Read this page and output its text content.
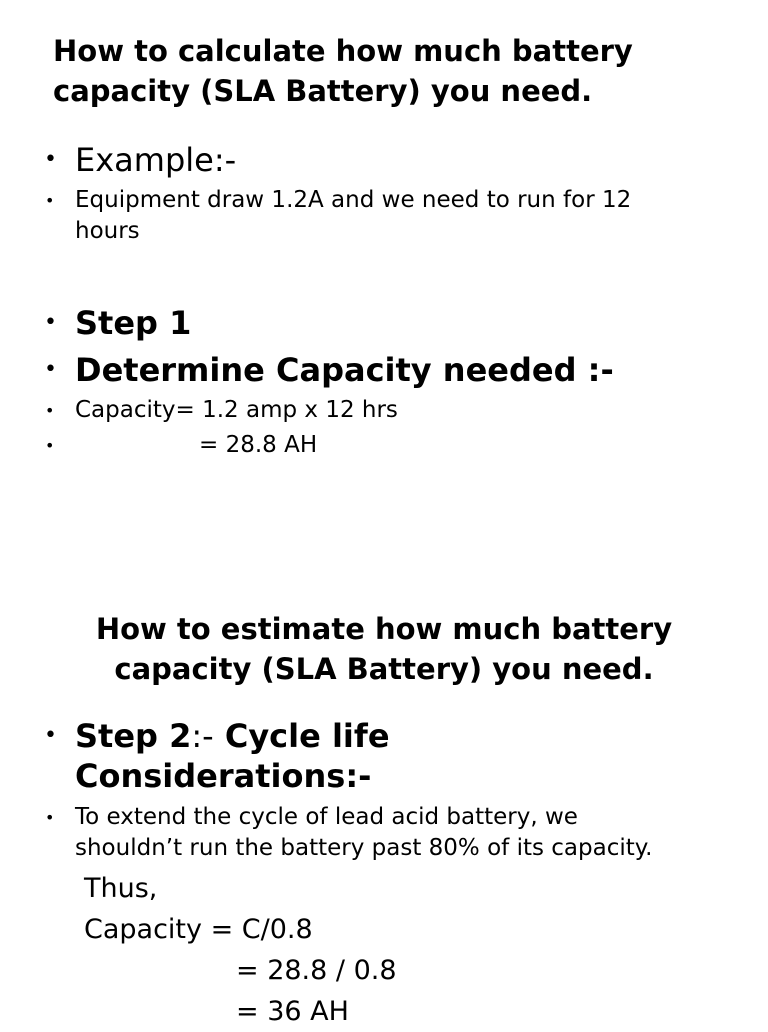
How to calculate how much battery
capacity (SLA Battery) you need.

• Example:-

• Equipment draw 1.2A and we need to run for 12
hours

• Step 1

• Determine Capacity needed :-

• Capacity= 1.2 amp x 12 hrs

•	= 28.8 AH

How to estimate how much battery
capacity (SLA Battery) you need.

• Step 2:- Cycle life
Considerations:-

• To extend the cycle of lead acid battery, we
shouldn’t run the battery past 80% of its capacity.

Thus,

Capacity = C/0.8

= 28.8 / 0.8

= 36 AH
